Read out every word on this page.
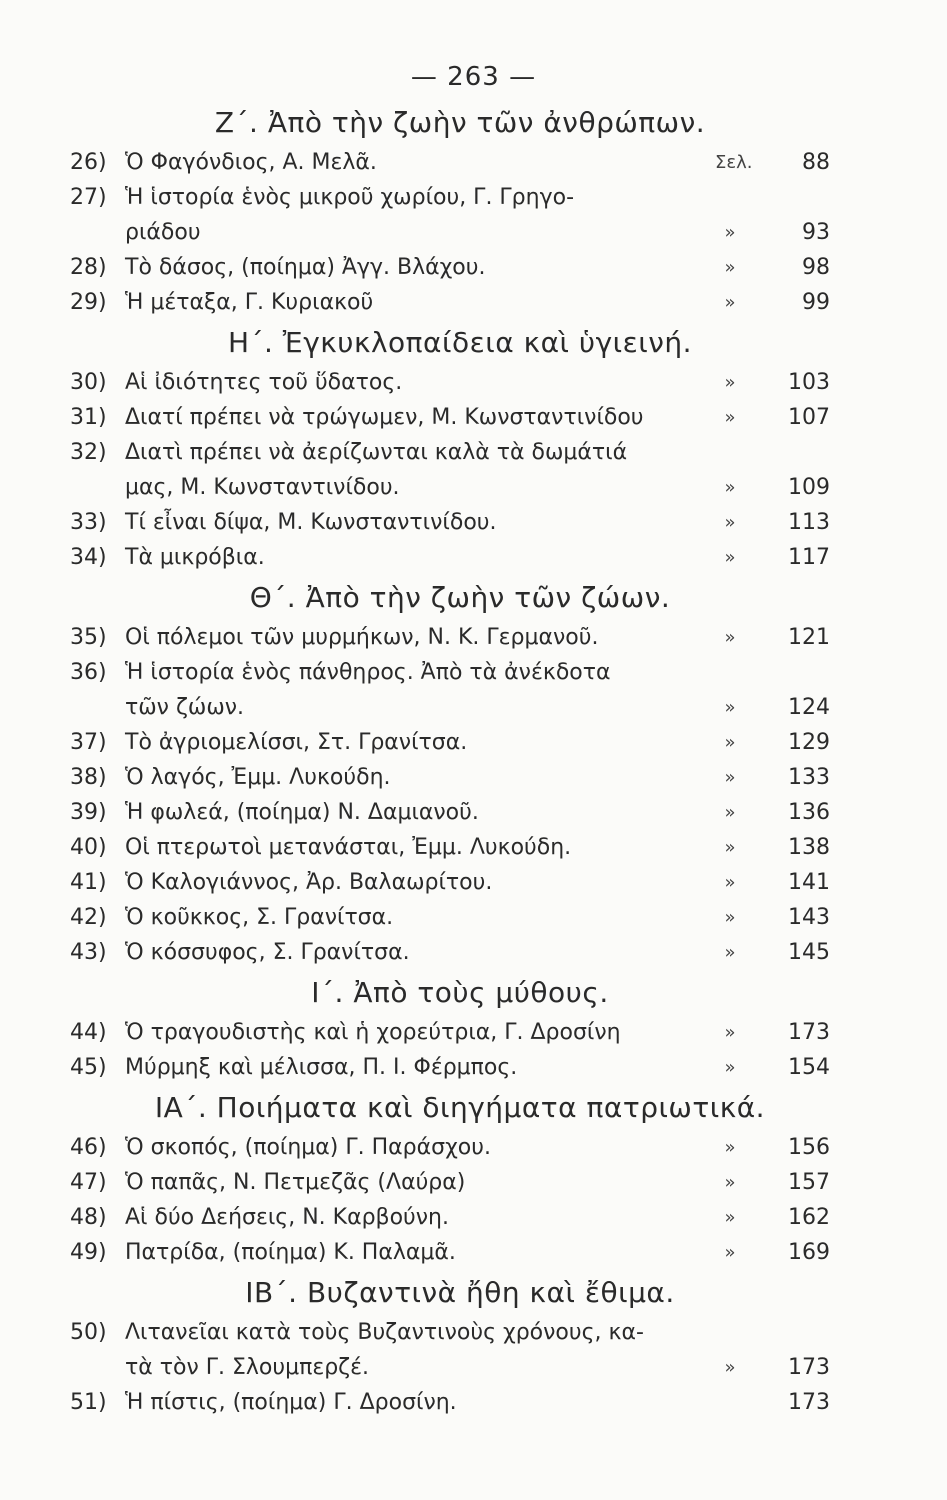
— 263 —
Ζ΄. Ἀπὸ τὴν ζωὴν τῶν ἀνθρώπων.
26) Ὁ Φαγόνδιος, Α. Μελᾶ.	Σελ.	88
27) Ἡ ἱστορία ἑνὸς μικροῦ χωρίου, Γ. Γρηγο-
ριάδου	»	93
28) Τὸ δάσος, (ποίημα) Ἀγγ. Βλάχου.	»	98
29) Ἡ μέταξα, Γ. Κυριακοῦ	»	99
Η΄. Ἐγκυκλοπαίδεια καὶ ὑγιεινή.
30) Αἱ ἰδιότητες τοῦ ὕδατος.	»	103
31) Διατί πρέπει νὰ τρώγωμεν, Μ. Κωνσταντινίδου	»	107
32) Διατὶ πρέπει νὰ ἀερίζωνται καλὰ τὰ δωμάτιά
μας, Μ. Κωνσταντινίδου.	»	109
33) Τί εἶναι δίψα, Μ. Κωνσταντινίδου.	»	113
34) Τὰ μικρόβια.	»	117
Θ΄. Ἀπὸ τὴν ζωὴν τῶν ζώων.
35) Οἱ πόλεμοι τῶν μυρμήκων, Ν. Κ. Γερμανοῦ.	»	121
36) Ἡ ἱστορία ἑνὸς πάνθηρος. Ἀπὸ τὰ ἀνέκδοτα
τῶν ζώων.	»	124
37) Τὸ ἀγριομελίσσι, Στ. Γρανίτσα.	»	129
38) Ὁ λαγός, Ἐμμ. Λυκούδη.	»	133
39) Ἡ φωλεά, (ποίημα) Ν. Δαμιανοῦ.	»	136
40) Οἱ πτερωτοὶ μετανάσται, Ἐμμ. Λυκούδη.	»	138
41) Ὁ Καλογιάννος, Ἀρ. Βαλαωρίτου.	»	141
42) Ὁ κοῦκκος, Σ. Γρανίτσα.	»	143
43) Ὁ κόσσυφος, Σ. Γρανίτσα.	»	145
Ι΄. Ἀπὸ τοὺς μύθους.
44) Ὁ τραγουδιστὴς καὶ ἡ χορεύτρια, Γ. Δροσίνη	»	173
45) Μύρμηξ καὶ μέλισσα, Π. Ι. Φέρμπος.	»	154
ΙΑ΄. Ποιήματα καὶ διηγήματα πατριωτικά.
46) Ὁ σκοπός, (ποίημα) Γ. Παράσχου.	»	156
47) Ὁ παπᾶς, Ν. Πετμεζᾶς (Λαύρα)	»	157
48) Αἱ δύο Δεήσεις, Ν. Καρβούνη.	»	162
49) Πατρίδα, (ποίημα) Κ. Παλαμᾶ.	»	169
ΙΒ΄. Βυζαντινὰ ἤθη καὶ ἔθιμα.
50) Λιτανεῖαι κατὰ τοὺς Βυζαντινοὺς χρόνους, κα-
τὰ τὸν Γ. Σλουμπερζέ.	»	173
51) Ἡ πίστις, (ποίημα) Γ. Δροσίνη.	173
